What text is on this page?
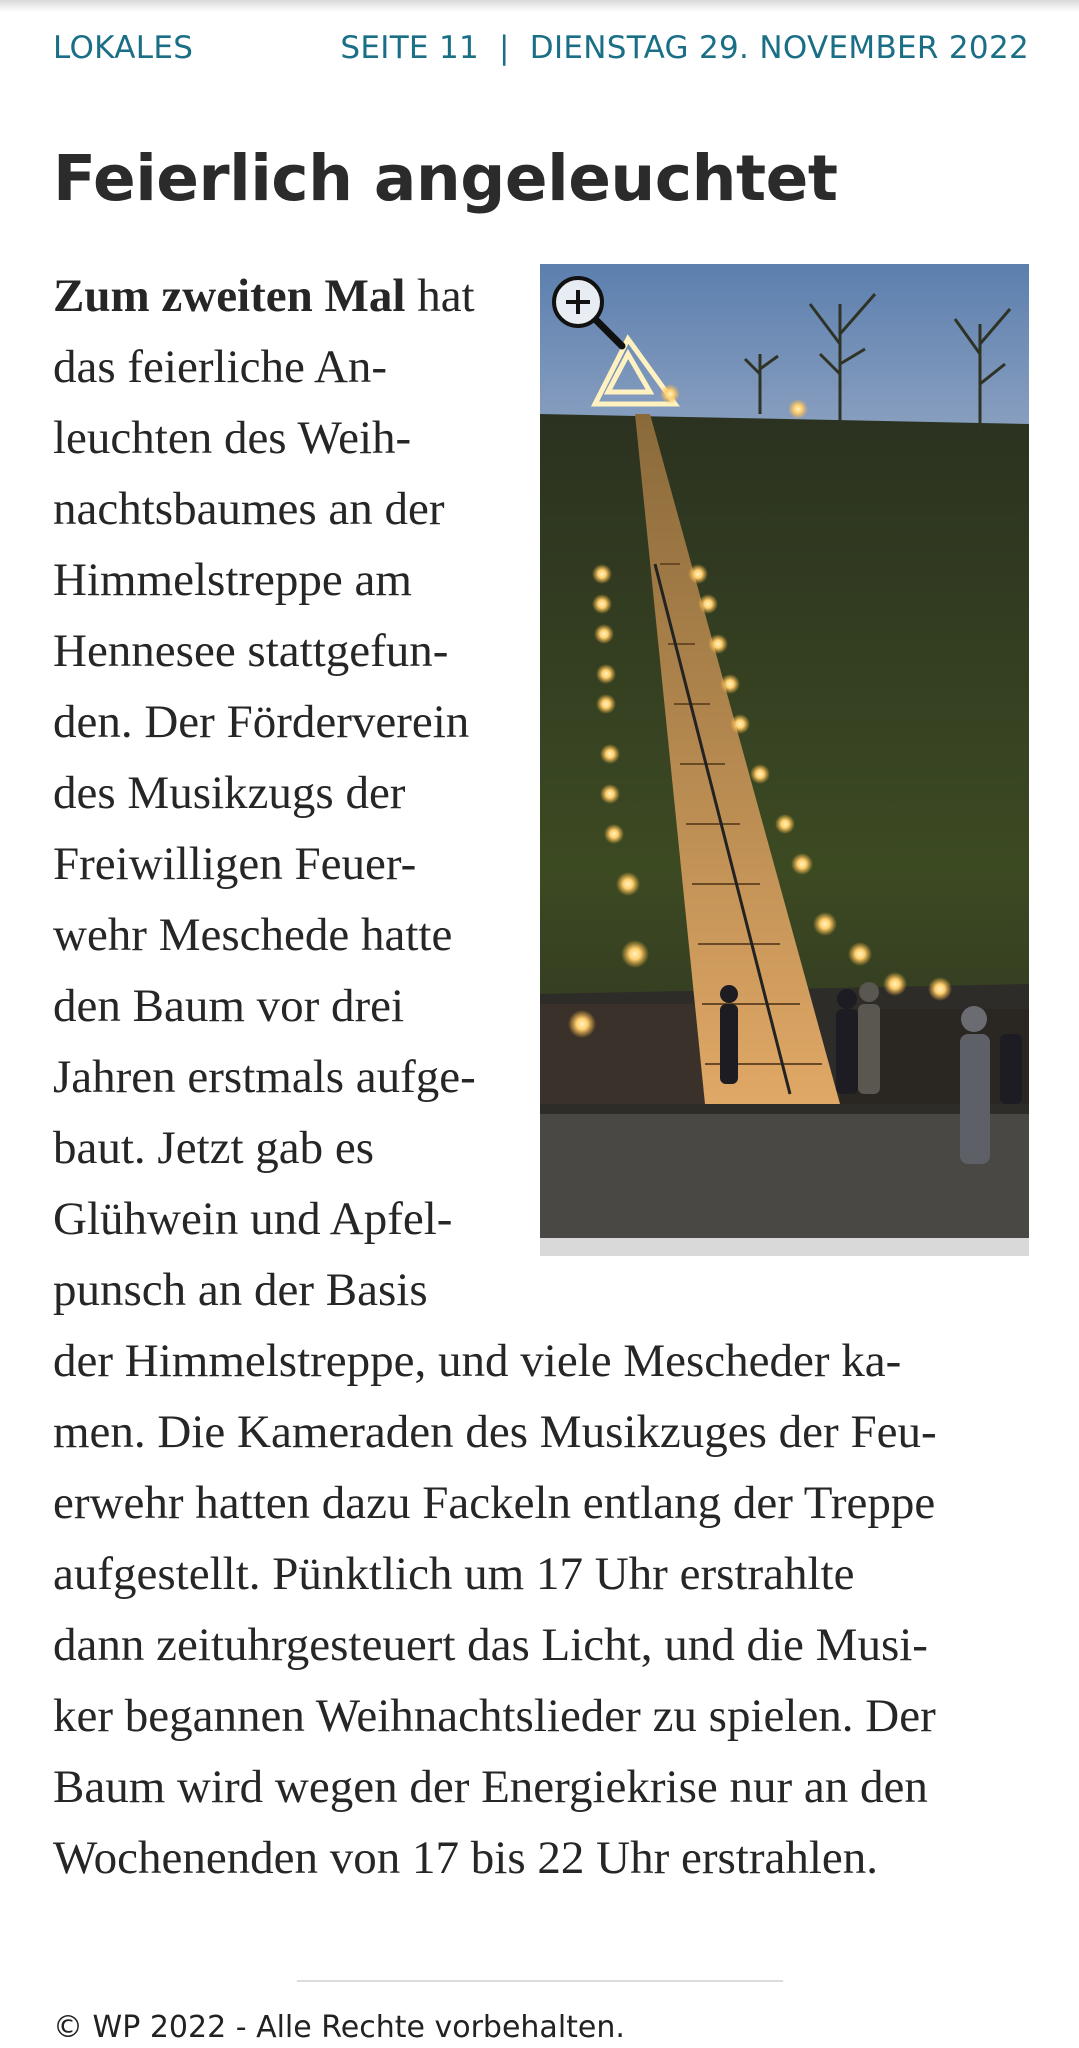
LOKALES	SEITE 11 | DIENSTAG 29. NOVEMBER 2022
Feierlich angeleuchtet
Zum zweiten Mal hat
das feierliche An-
leuchten des Weih-
nachtsbaumes an der
Himmelstreppe am
Hennesee stattgefun-
den. Der Förderverein
des Musikzugs der
Freiwilligen Feuer-
wehr Meschede hatte
den Baum vor drei
Jahren erstmals aufge-
baut. Jetzt gab es
Glühwein und Apfel-
punsch an der Basis
der Himmelstreppe, und viele Mescheder ka-
men. Die Kameraden des Musikzuges der Feu-
erwehr hatten dazu Fackeln entlang der Treppe
aufgestellt. Pünktlich um 17 Uhr erstrahlte
dann zeituhrgesteuert das Licht, und die Musi-
ker begannen Weihnachtslieder zu spielen. Der
Baum wird wegen der Energiekrise nur an den
Wochenenden von 17 bis 22 Uhr erstrahlen.
© WP 2022 - Alle Rechte vorbehalten.
